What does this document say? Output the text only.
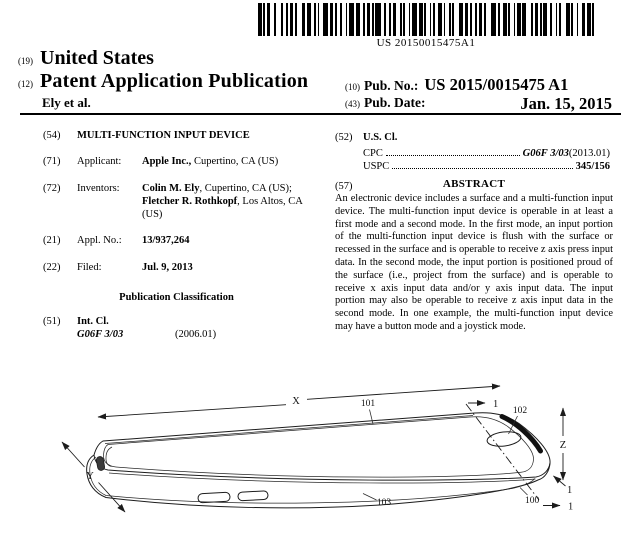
US 20150015475A1
(19) United States
(12) Patent Application Publication
Ely et al.
(10) Pub. No.: US 2015/0015475 A1
Jan. 15, 2015
(43) Pub. Date:
(54) MULTI-FUNCTION INPUT DEVICE
(71) Applicant: Apple Inc., Cupertino, CA (US)
(72) Inventors: Colin M. Ely, Cupertino, CA (US); Fletcher R. Rothkopf, Los Altos, CA (US)
(21) Appl. No.: 13/937,264
(22) Filed:	Jul. 9, 2013
Publication Classification
(51) Int. Cl.
G06F 3/03	(2006.01)
(52) U.S. Cl.
CPC	G06F 3/03 (2013.01)
USPC	345/156
(57)	ABSTRACT
An electronic device includes a surface and a multi-function input device. The multi-function input device is operable in at least a first mode and a second mode. In the first mode, an input portion of the multi-function input device is flush with the surface or recessed in the surface and is operable to receive z axis press input data. In the second mode, the input portion is positioned proud of the surface (i.e., project from the surface) and is operable to receive x axis input data and/or y axis input data. The input portion may also be operable to receive z axis input data in the second mode. In one example, the multi-function input device may have a button mode and a joystick mode.
X
Y
Z
1
1
1
101
102
103	100
